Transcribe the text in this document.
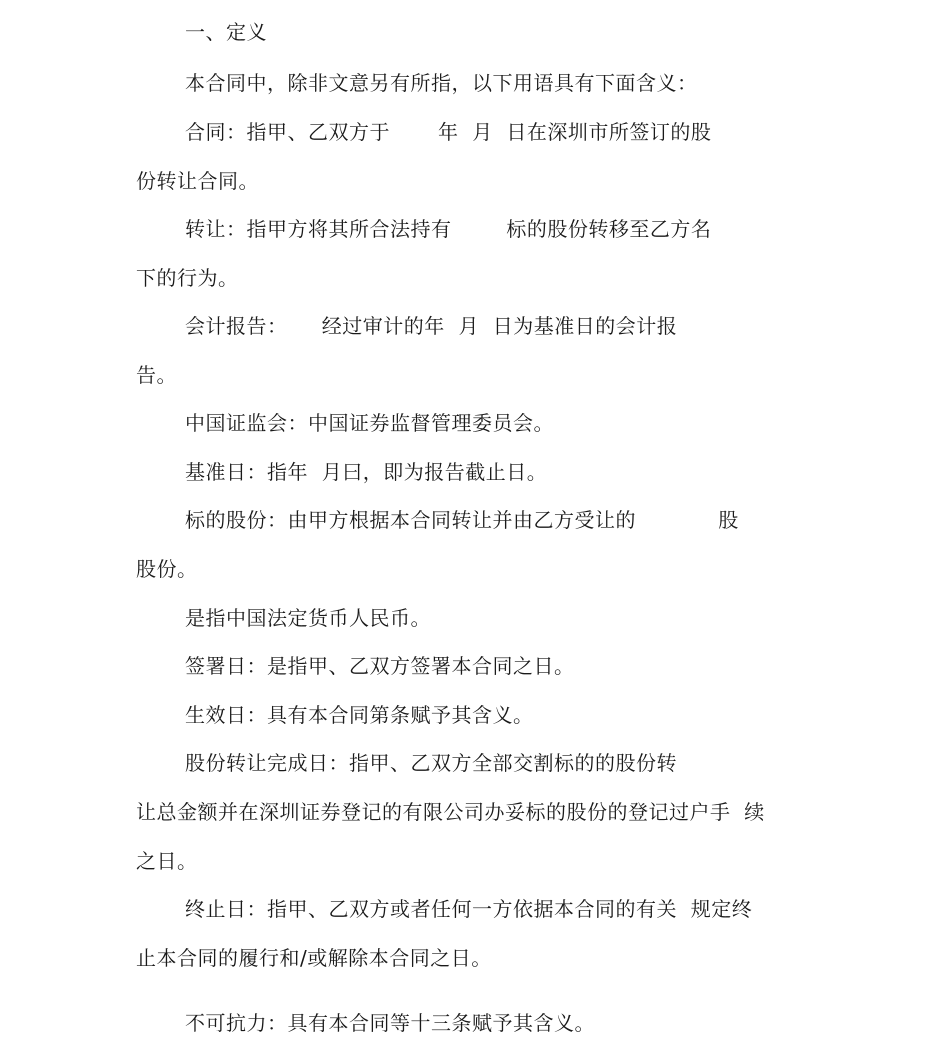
一、定义
本合同中，除非文意另有所指，以下用语具有下面含义：
合同：指甲、乙双方于       年  月  日在深圳市所签订的股
份转让合同。
转让：指甲方将其所合法持有        标的股份转移至乙方名
下的行为。
会计报告：     经过审计的年  月  日为基准日的会计报
告。
中国证监会：中国证券监督管理委员会。
基准日：指年  月曰，即为报告截止日。
标的股份：由甲方根据本合同转让并由乙方受让的            股
股份。
是指中国法定货币人民币。
签署日：是指甲、乙双方签署本合同之日。
生效日：具有本合同第条赋予其含义。
股份转让完成日：指甲、乙双方全部交割标的的股份转
让总金额并在深圳证券登记的有限公司办妥标的股份的登记过户手  续
之日。
终止日：指甲、乙双方或者任何一方依据本合同的有关  规定终
止本合同的履行和/或解除本合同之日。
不可抗力：具有本合同等十三条赋予其含义。
